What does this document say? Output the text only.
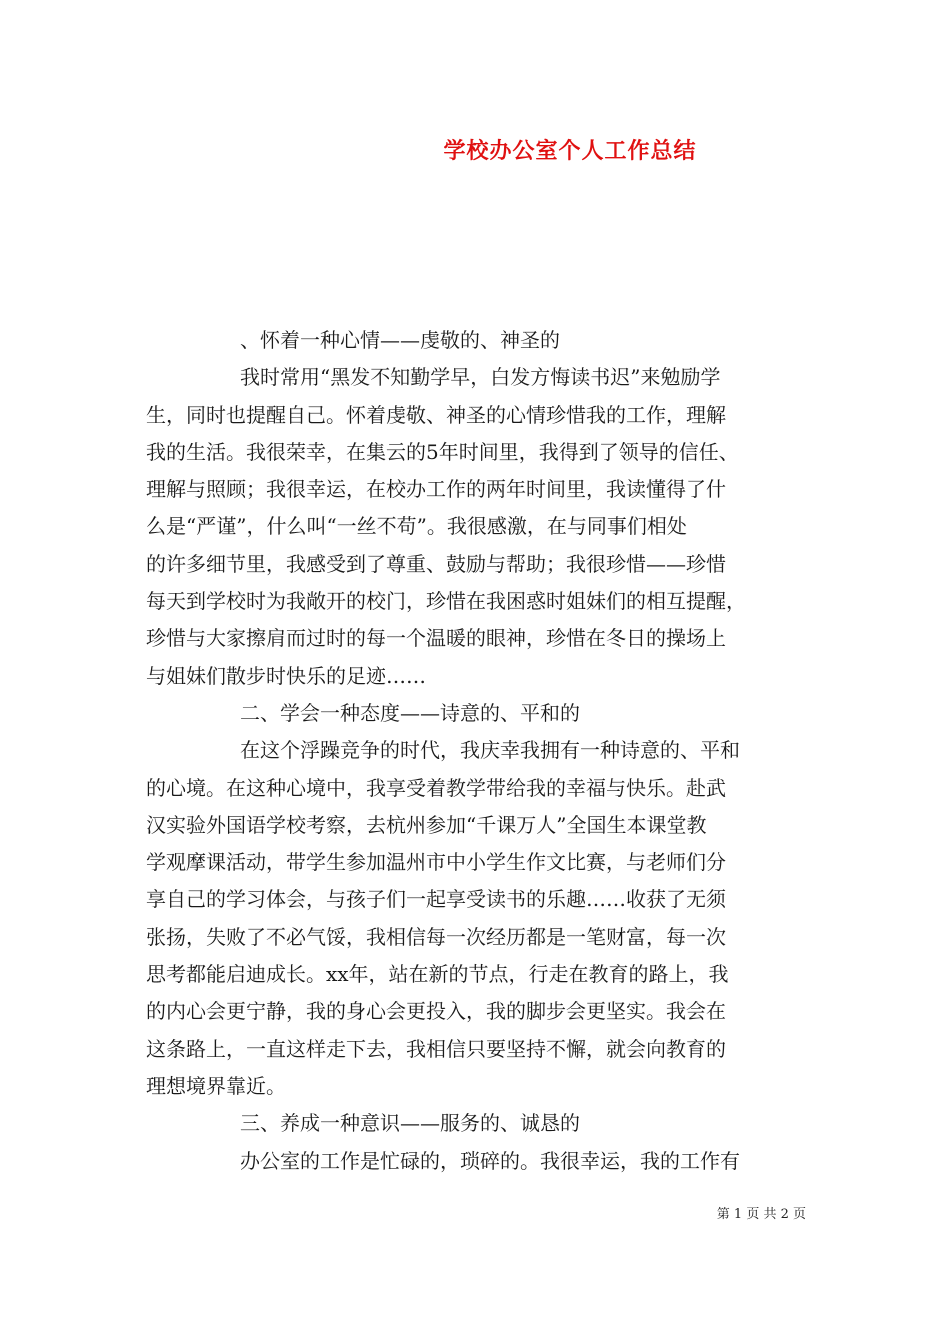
学校办公室个人工作总结
、怀着一种心情——虔敬的、神圣的
我时常用“黑发不知勤学早，白发方悔读书迟”来勉励学
生，同时也提醒自己。怀着虔敬、神圣的心情珍惜我的工作，理解
我的生活。我很荣幸，在集云的5年时间里，我得到了领导的信任、
理解与照顾；我很幸运，在校办工作的两年时间里，我读懂得了什
么是“严谨”，什么叫“一丝不苟”。我很感激，在与同事们相处
的许多细节里，我感受到了尊重、鼓励与帮助；我很珍惜——珍惜
每天到学校时为我敞开的校门，珍惜在我困惑时姐妹们的相互提醒，
珍惜与大家擦肩而过时的每一个温暖的眼神，珍惜在冬日的操场上
与姐妹们散步时快乐的足迹……
二、学会一种态度——诗意的、平和的
在这个浮躁竞争的时代，我庆幸我拥有一种诗意的、平和
的心境。在这种心境中，我享受着教学带给我的幸福与快乐。赴武
汉实验外国语学校考察，去杭州参加“千课万人”全国生本课堂教
学观摩课活动，带学生参加温州市中小学生作文比赛，与老师们分
享自己的学习体会，与孩子们一起享受读书的乐趣……收获了无须
张扬，失败了不必气馁，我相信每一次经历都是一笔财富，每一次
思考都能启迪成长。xx年，站在新的节点，行走在教育的路上，我
的内心会更宁静，我的身心会更投入，我的脚步会更坚实。我会在
这条路上，一直这样走下去，我相信只要坚持不懈，就会向教育的
理想境界靠近。
三、养成一种意识——服务的、诚恳的
办公室的工作是忙碌的，琐碎的。我很幸运，我的工作有
第 1 页 共 2 页
